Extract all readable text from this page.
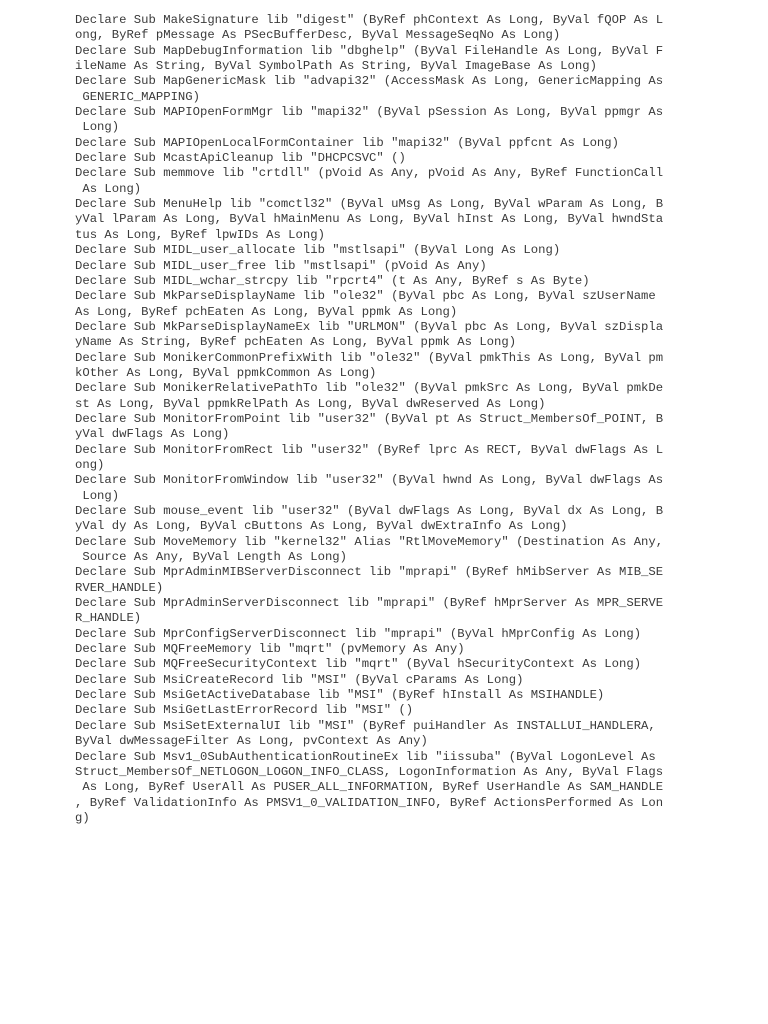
Declare Sub MakeSignature lib "digest" (ByRef phContext As Long, ByVal fQOP As L
ong, ByRef pMessage As PSecBufferDesc, ByVal MessageSeqNo As Long)
Declare Sub MapDebugInformation lib "dbghelp" (ByVal FileHandle As Long, ByVal F
ileName As String, ByVal SymbolPath As String, ByVal ImageBase As Long)
Declare Sub MapGenericMask lib "advapi32" (AccessMask As Long, GenericMapping As
GENERIC_MAPPING)
Declare Sub MAPIOpenFormMgr lib "mapi32" (ByVal pSession As Long, ByVal ppmgr As
Long)
Declare Sub MAPIOpenLocalFormContainer lib "mapi32" (ByVal ppfcnt As Long)
Declare Sub McastApiCleanup lib "DHCPCSVC" ()
Declare Sub memmove lib "crtdll" (pVoid As Any, pVoid As Any, ByRef FunctionCall
As Long)
Declare Sub MenuHelp lib "comctl32" (ByVal uMsg As Long, ByVal wParam As Long, B
yVal lParam As Long, ByVal hMainMenu As Long, ByVal hInst As Long, ByVal hwndSta
tus As Long, ByRef lpwIDs As Long)
Declare Sub MIDL_user_allocate lib "mstlsapi" (ByVal Long As Long)
Declare Sub MIDL_user_free lib "mstlsapi" (pVoid As Any)
Declare Sub MIDL_wchar_strcpy lib "rpcrt4" (t As Any, ByRef s As Byte)
Declare Sub MkParseDisplayName lib "ole32" (ByVal pbc As Long, ByVal szUserName
As Long, ByRef pchEaten As Long, ByVal ppmk As Long)
Declare Sub MkParseDisplayNameEx lib "URLMON" (ByVal pbc As Long, ByVal szDispla
yName As String, ByRef pchEaten As Long, ByVal ppmk As Long)
Declare Sub MonikerCommonPrefixWith lib "ole32" (ByVal pmkThis As Long, ByVal pm
kOther As Long, ByVal ppmkCommon As Long)
Declare Sub MonikerRelativePathTo lib "ole32" (ByVal pmkSrc As Long, ByVal pmkDe
st As Long, ByVal ppmkRelPath As Long, ByVal dwReserved As Long)
Declare Sub MonitorFromPoint lib "user32" (ByVal pt As Struct_MembersOf_POINT, B
yVal dwFlags As Long)
Declare Sub MonitorFromRect lib "user32" (ByRef lprc As RECT, ByVal dwFlags As L
ong)
Declare Sub MonitorFromWindow lib "user32" (ByVal hwnd As Long, ByVal dwFlags As
Long)
Declare Sub mouse_event lib "user32" (ByVal dwFlags As Long, ByVal dx As Long, B
yVal dy As Long, ByVal cButtons As Long, ByVal dwExtraInfo As Long)
Declare Sub MoveMemory lib "kernel32" Alias "RtlMoveMemory" (Destination As Any,
Source As Any, ByVal Length As Long)
Declare Sub MprAdminMIBServerDisconnect lib "mprapi" (ByRef hMibServer As MIB_SE
RVER_HANDLE)
Declare Sub MprAdminServerDisconnect lib "mprapi" (ByRef hMprServer As MPR_SERVE
R_HANDLE)
Declare Sub MprConfigServerDisconnect lib "mprapi" (ByVal hMprConfig As Long)
Declare Sub MQFreeMemory lib "mqrt" (pvMemory As Any)
Declare Sub MQFreeSecurityContext lib "mqrt" (ByVal hSecurityContext As Long)
Declare Sub MsiCreateRecord lib "MSI" (ByVal cParams As Long)
Declare Sub MsiGetActiveDatabase lib "MSI" (ByRef hInstall As MSIHANDLE)
Declare Sub MsiGetLastErrorRecord lib "MSI" ()
Declare Sub MsiSetExternalUI lib "MSI" (ByRef puiHandler As INSTALLUI_HANDLERA,
ByVal dwMessageFilter As Long, pvContext As Any)
Declare Sub Msv1_0SubAuthenticationRoutineEx lib "iissuba" (ByVal LogonLevel As
Struct_MembersOf_NETLOGON_LOGON_INFO_CLASS, LogonInformation As Any, ByVal Flags
As Long, ByRef UserAll As PUSER_ALL_INFORMATION, ByRef UserHandle As SAM_HANDLE
, ByRef ValidationInfo As PMSV1_0_VALIDATION_INFO, ByRef ActionsPerformed As Lon
g)
